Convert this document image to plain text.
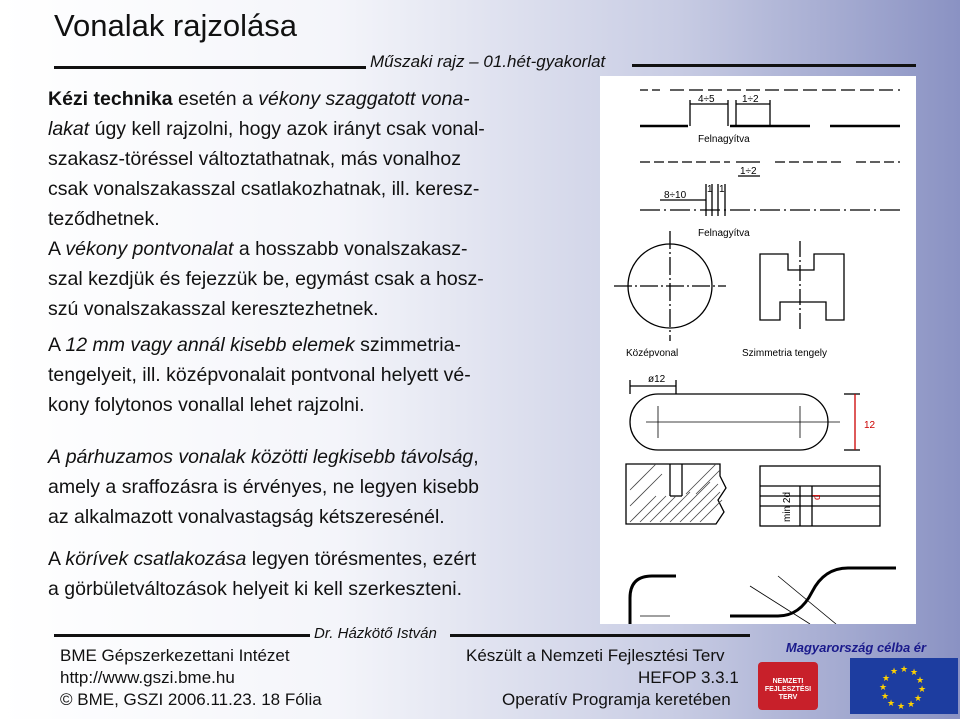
Vonalak rajzolása
Műszaki rajz – 01.hét-gyakorlat
Kézi technika esetén a vékony szaggatott vona-
lakat úgy kell rajzolni, hogy azok irányt csak vonal-
szakasz-töréssel változtathatnak, más vonalhoz
csak vonalszakasszal csatlakozhatnak, ill. keresz-
teződhetnek.
A vékony pontvonalat a hosszabb vonalszakasz-
szal kezdjük és fejezzük be, egymást csak a hosz-
szú vonalszakasszal keresztezhetnek.
A 12 mm vagy annál kisebb elemek szimmetria-
tengelyeit, ill. középvonalait pontvonal helyett vé-
kony folytonos vonallal lehet rajzolni.
A párhuzamos vonalak közötti legkisebb távolság,
amely a sraffozásra is érvényes, ne legyen kisebb
az alkalmazott vonalvastagság kétszeresénél.
A körívek csatlakozása legyen törésmentes, ezért
a görbületváltozások helyeit ki kell szerkeszteni.
4÷5	1÷2
Felnagyítva
1÷2
8÷10
1 1
Felnagyítva
Középvonal	Szimmetria tengely
ø12
12
min 2d d
Dr. Házkötő István
BME Gépszerkezettani Intézet
http://www.gszi.bme.hu
© BME, GSZI 2006.11.23. 18 Fólia
Készült a Nemzeti Fejlesztési Terv
HEFOP 3.3.1
Operatív Programja keretében
Magyarország célba ér
NEMZETI FEJLESZTÉSI TERV
★ ★
★
★
★
★
★
★
★
★
★
★
